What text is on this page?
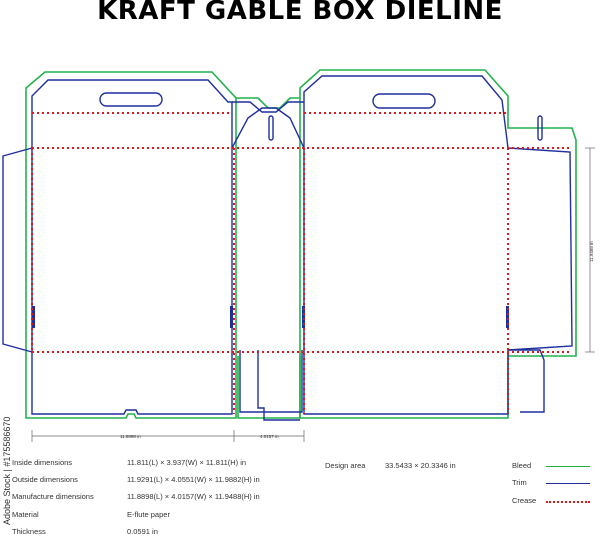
KRAFT GABLE BOX DIELINE
11.8898 in	4.0157 in
11.9488 in
Design area	33.5433 × 20.3346 in	Bleed
Trim
Crease
Adobe Stock | #175586670 Inside dimensions	11.811(L) × 3.937(W) × 11.811(H) in
Outside dimensions	11.9291(L) × 4.0551(W) × 11.9882(H) in
Manufacture dimensions	11.8898(L) × 4.0157(W) × 11.9488(H) in
Material	E-flute paper
Thickness	0.0591 in
